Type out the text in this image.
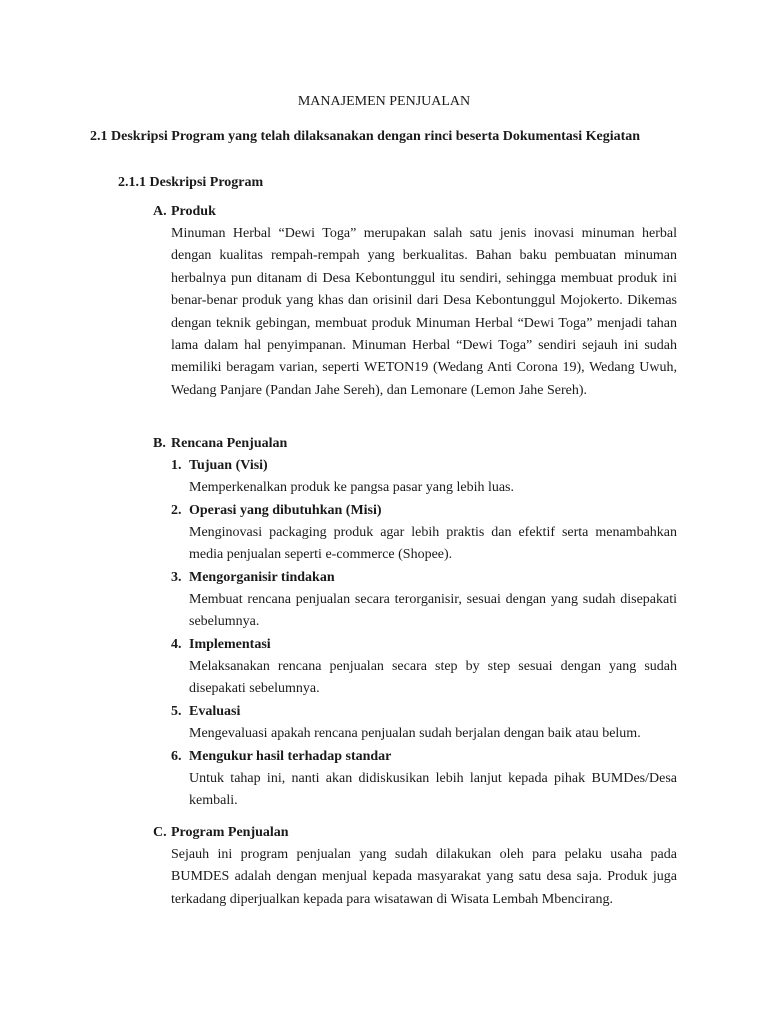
MANAJEMEN PENJUALAN
2.1 Deskripsi Program yang telah dilaksanakan dengan rinci beserta Dokumentasi Kegiatan
2.1.1 Deskripsi Program
A. Produk
Minuman Herbal “Dewi Toga” merupakan salah satu jenis inovasi minuman herbal dengan kualitas rempah-rempah yang berkualitas. Bahan baku pembuatan minuman herbalnya pun ditanam di Desa Kebontunggul itu sendiri, sehingga membuat produk ini benar-benar produk yang khas dan orisinil dari Desa Kebontunggul Mojokerto. Dikemas dengan teknik gebingan, membuat produk Minuman Herbal “Dewi Toga” menjadi tahan lama dalam hal penyimpanan. Minuman Herbal “Dewi Toga” sendiri sejauh ini sudah memiliki beragam varian, seperti WETON19 (Wedang Anti Corona 19), Wedang Uwuh, Wedang Panjare (Pandan Jahe Sereh), dan Lemonare (Lemon Jahe Sereh).
B. Rencana Penjualan
1. Tujuan (Visi)
Memperkenalkan produk ke pangsa pasar yang lebih luas.
2. Operasi yang dibutuhkan (Misi)
Menginovasi packaging produk agar lebih praktis dan efektif serta menambahkan media penjualan seperti e-commerce (Shopee).
3. Mengorganisir tindakan
Membuat rencana penjualan secara terorganisir, sesuai dengan yang sudah disepakati sebelumnya.
4. Implementasi
Melaksanakan rencana penjualan secara step by step sesuai dengan yang sudah disepakati sebelumnya.
5. Evaluasi
Mengevaluasi apakah rencana penjualan sudah berjalan dengan baik atau belum.
6. Mengukur hasil terhadap standar
Untuk tahap ini, nanti akan didiskusikan lebih lanjut kepada pihak BUMDes/Desa kembali.
C. Program Penjualan
Sejauh ini program penjualan yang sudah dilakukan oleh para pelaku usaha pada BUMDES adalah dengan menjual kepada masyarakat yang satu desa saja. Produk juga terkadang diperjualkan kepada para wisatawan di Wisata Lembah Mbencirang.
